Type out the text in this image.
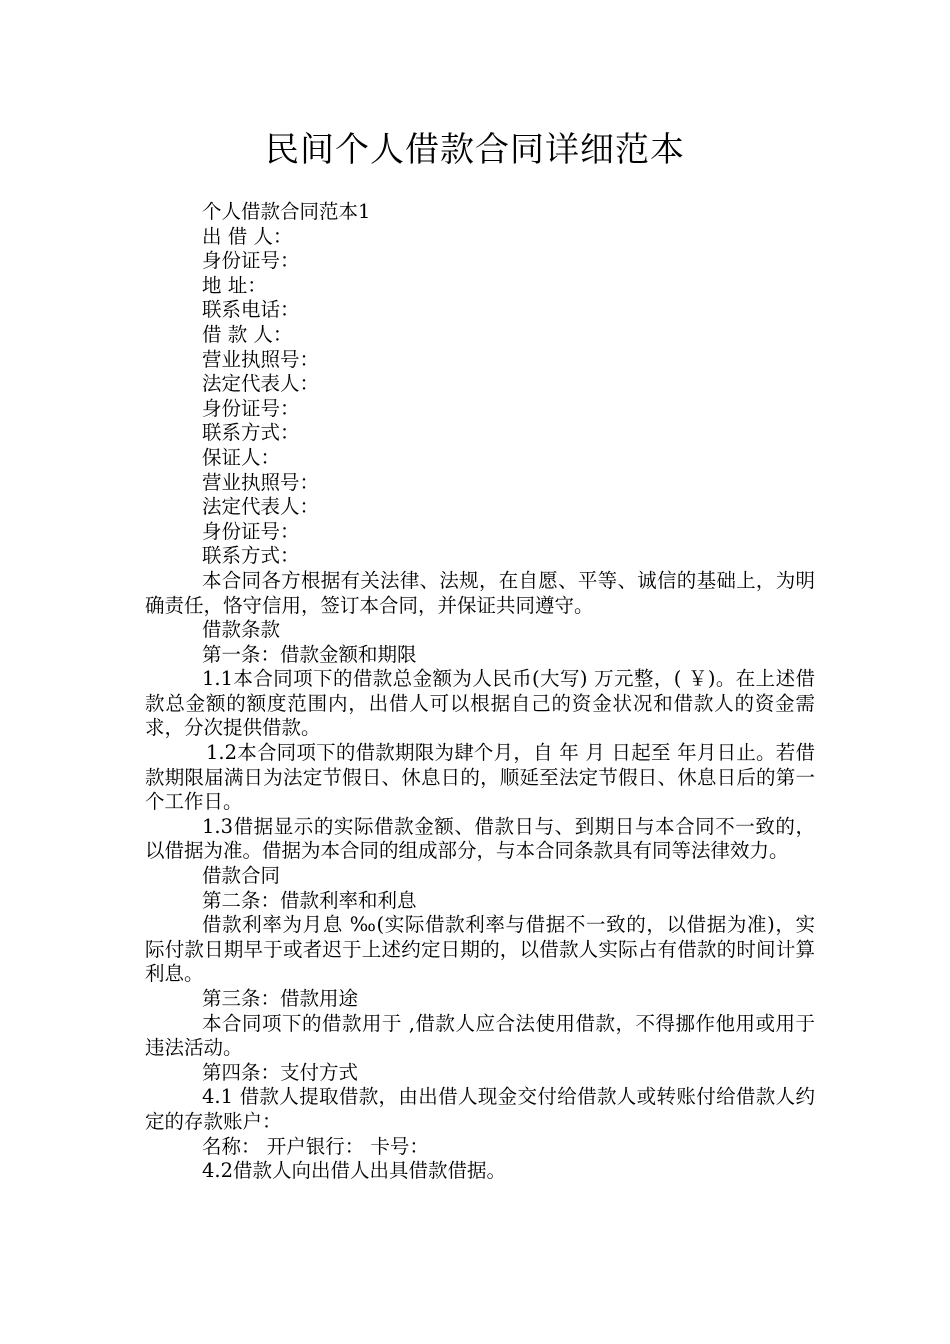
民间个人借款合同详细范本

个人借款合同范本1

出 借 人：

身份证号：

地 址：

联系电话：

借 款 人：

营业执照号：

法定代表人：

身份证号：

联系方式：

保证人：

营业执照号：

法定代表人：

身份证号：

联系方式：

本合同各方根据有关法律、法规，在自愿、平等、诚信的基础上，为明确责任，恪守信用，签订本合同，并保证共同遵守。

借款条款

第一条：借款金额和期限

1.1本合同项下的借款总金额为人民币(大写) 万元整，( ￥)。在上述借款总金额的额度范围内，出借人可以根据自己的资金状况和借款人的资金需求，分次提供借款。

1.2本合同项下的借款期限为肆个月，自 年 月 日起至 年月日止。若借款期限届满日为法定节假日、休息日的，顺延至法定节假日、休息日后的第一个工作日。

1.3借据显示的实际借款金额、借款日与、到期日与本合同不一致的，以借据为准。借据为本合同的组成部分，与本合同条款具有同等法律效力。

借款合同

第二条：借款利率和利息

借款利率为月息 ‰(实际借款利率与借据不一致的，以借据为准)，实际付款日期早于或者迟于上述约定日期的，以借款人实际占有借款的时间计算利息。

第三条：借款用途

本合同项下的借款用于 ,借款人应合法使用借款，不得挪作他用或用于违法活动。

第四条：支付方式

4.1 借款人提取借款，由出借人现金交付给借款人或转账付给借款人约定的存款账户：

名称： 开户银行： 卡号：

4.2借款人向出借人出具借款借据。
